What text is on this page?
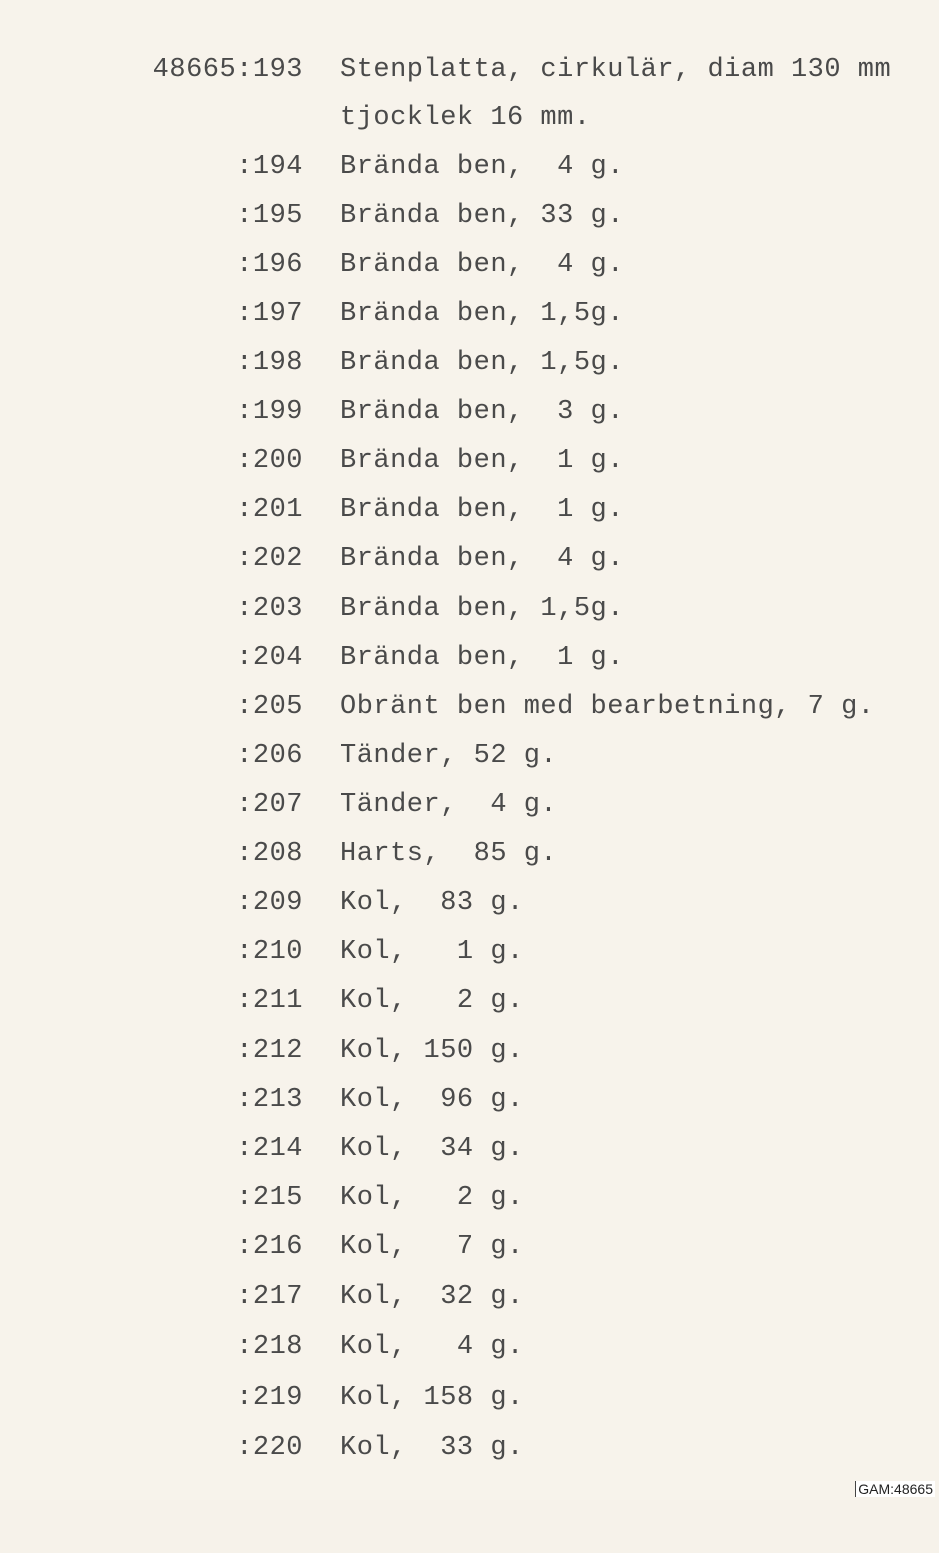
48665:193

Stenplatta, cirkulär, diam 130 mm

tjocklek 16 mm.

:194

Brända ben,  4 g.

:195

Brända ben, 33 g.

:196

Brända ben,  4 g.

:197

Brända ben, 1,5g.

:198

Brända ben, 1,5g.

:199

Brända ben,  3 g.

:200

Brända ben,  1 g.

:201

Brända ben,  1 g.

:202

Brända ben,  4 g.

:203

Brända ben, 1,5g.

:204

Brända ben,  1 g.

:205

Obränt ben med bearbetning, 7 g.

:206

Tänder, 52 g.

:207

Tänder,  4 g.

:208

Harts,  85 g.

:209

Kol,  83 g.

:210

Kol,   1 g.

:211

Kol,   2 g.

:212

Kol, 150 g.

:213

Kol,  96 g.

:214

Kol,  34 g.

:215

Kol,   2 g.

:216

Kol,   7 g.

:217

Kol,  32 g.

:218

Kol,   4 g.

:219

Kol, 158 g.

:220

Kol,  33 g.

GAM:48665
